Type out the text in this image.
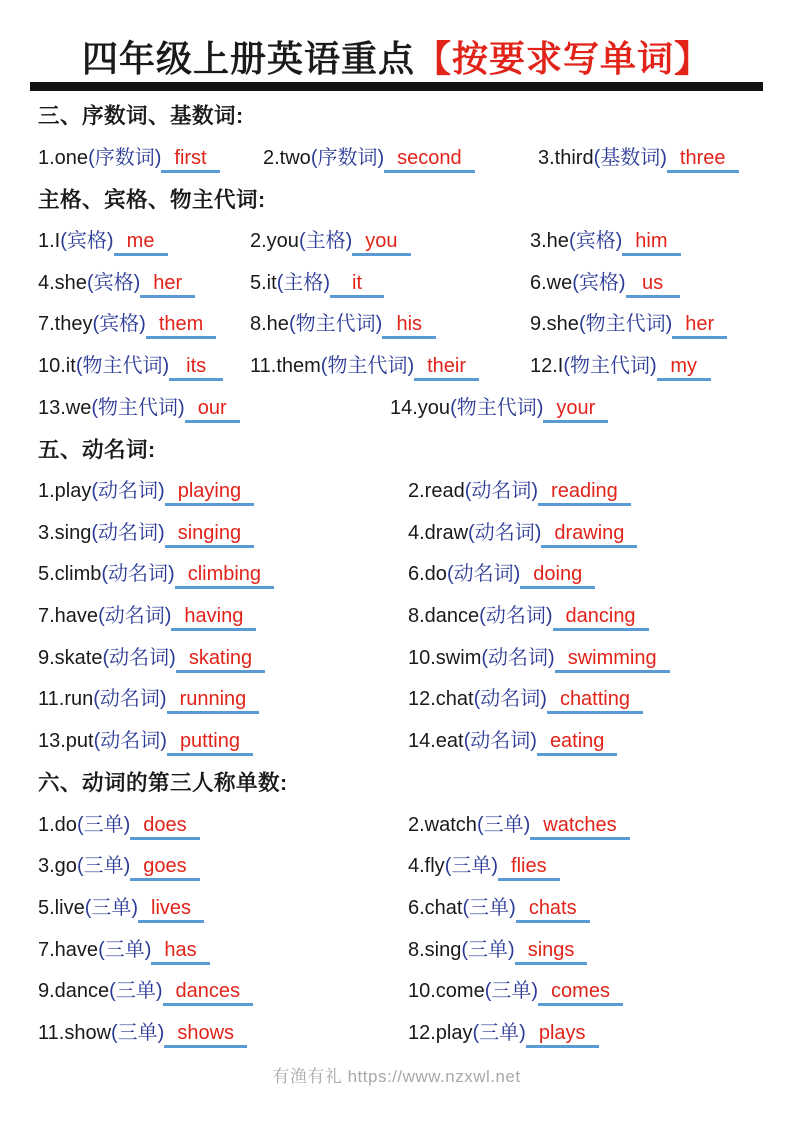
四年级上册英语重点【按要求写单词】
三、序数词、基数词:
1.one(序数词) first	2.two(序数词) second	3.third(基数词) three
主格、宾格、物主代词:
1.I(宾格) me	2.you(主格) you	3.he(宾格) him
4.she(宾格) her	5.it(主格) it	6.we(宾格) us
7.they(宾格) them	8.he(物主代词) his	9.she(物主代词) her
10.it(物主代词) its	11.them(物主代词) their	12.I(物主代词) my
13.we(物主代词) our	14.you(物主代词) your
五、动名词:
1.play(动名词) playing	2.read(动名词) reading
3.sing(动名词) singing	4.draw(动名词) drawing
5.climb(动名词) climbing	6.do(动名词) doing
7.have(动名词) having	8.dance(动名词) dancing
9.skate(动名词) skating	10.swim(动名词) swimming
11.run(动名词) running	12.chat(动名词) chatting
13.put(动名词) putting	14.eat(动名词) eating
六、动词的第三人称单数:
1.do(三单) does	2.watch(三单) watches
3.go(三单) goes	4.fly(三单) flies
5.live(三单) lives	6.chat(三单) chats
7.have(三单) has	8.sing(三单) sings
9.dance(三单) dances	10.come(三单) comes
11.show(三单) shows	12.play(三单) plays
有渔有礼 https://www.nzxwl.net
